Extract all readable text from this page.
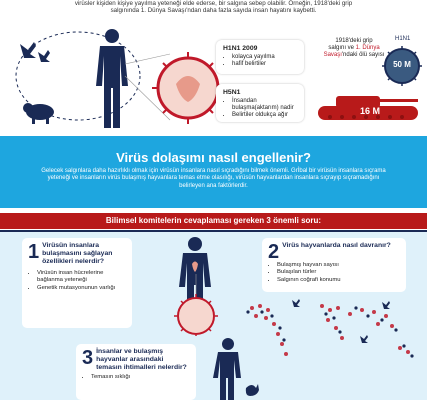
virüsler kişiden kişiye yayılma yeteneği elde ederse, bir salgına sebep olabilir. Örneğin, 1918'deki grip
salgınında 1. Dünya Savaşı'ndan daha fazla sayıda insan hayatını kaybetti.
H1N1 2009
• kolayca yayılma
• hafif belirtiler
H5N1
• İnsandan bulaşma(aktarım) nadir
• Belirtiler oldukça ağır
1918'deki grip
salgını ve 1. Dünya Savaşı'ndaki ölü sayısı
H1N1
50 M
16 M
Virüs dolaşımı nasıl engellenir?
Gelecek salgınlara daha hazırlıklı olmak için virüsün insanlara nasıl sıçradığını bilmek önemli. Grİbal bir virüsün insanlara sıçrama yeteneği ve insanların virüs bulaşmış hayvanlara temas etme olasılığı, virüsün hayvanlardan insanlara sıçrayıp sıçramadığını belirleyen ana faktörlerdir.
Bilimsel komitelerin cevaplaması gereken 3 önemli soru:
1 Virüsün insanlara bulaşmasını sağlayan özellikleri nelerdir?
• Virüsün insan hücrelerine bağlanma yeteneği
• Genetik mutasyonunun varlığı
2 Virüs hayvanlarda nasıl davranır?
• Bulaşmış hayvan sayısı
• Bulaşılan türler
• Salgının coğrafi konumu
3 İnsanlar ve bulaşmış hayvanlar arasındaki temasın ihtimalleri nelerdir?
• Temasın sıklığı
